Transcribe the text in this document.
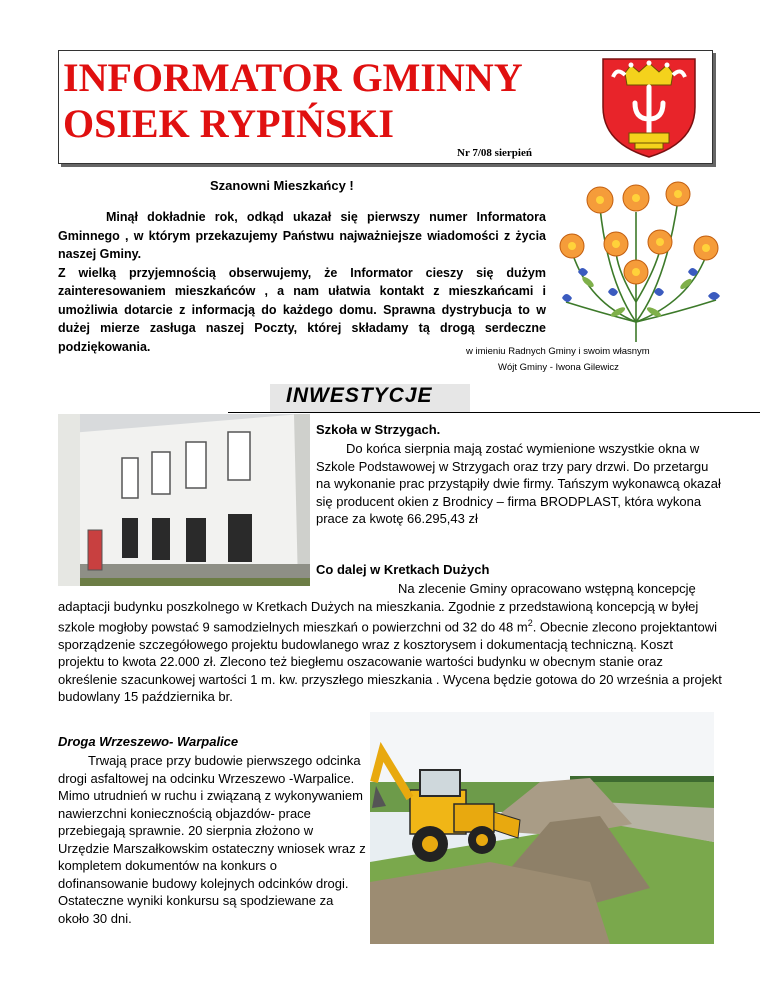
INFORMATOR GMINNY
OSIEK RYPIŃSKI
Nr 7/08 sierpień
Szanowni Mieszkańcy !

Minął dokładnie rok, odkąd ukazał się pierwszy numer Informatora Gminnego , w którym przekazujemy Państwu najważniejsze wiadomości z życia naszej Gminy.

Z wielką przyjemnością obserwujemy, że Informator cieszy się dużym zainteresowaniem mieszkańców , a nam ułatwia kontakt z mieszkańcami i umożliwia dotarcie z informacją do każdego domu. Sprawna dystrybucja to w dużej mierze zasługa naszej Poczty, której składamy tą drogą serdeczne podziękowania.	w imieniu Radnych Gminy i swoim własnym
Wójt Gminy - Iwona Gilewicz
INWESTYCJE
Szkoła w Strzygach.

Do końca sierpnia mają zostać wymienione wszystkie okna w Szkole Podstawowej w Strzygach oraz trzy pary drzwi. Do przetargu na wykonanie prac przystąpiły dwie firmy. Tańszym wykonawcą okazał się producent okien z Brodnicy – firma BRODPLAST, która wykona prace za kwotę 66.295,43 zł

Co dalej w Kretkach Dużych

Na zlecenie Gminy opracowano wstępną koncepcję adaptacji budynku poszkolnego w Kretkach Dużych na mieszkania. Zgodnie z przedstawioną koncepcją w byłej szkole mogłoby powstać 9 samodzielnych mieszkań o powierzchni od 32 do 48 $m^2$. Obecnie zlecono projektantowi sporządzenie szczegółowego projektu budowlanego wraz z kosztorysem i dokumentacją techniczną. Koszt projektu to kwota 22.000 zł. Zlecono też biegłemu oszacowanie wartości budynku w obecnym stanie oraz określenie szacunkowej wartości 1 m. kw. przyszłego mieszkania . Wycena będzie gotowa do 20 września a projekt budowlany 15 października br.

Droga Wrzeszewo- Warpalice

Trwają prace przy budowie pierwszego odcinka drogi asfaltowej na odcinku Wrzeszewo -Warpalice. Mimo utrudnień w ruchu i związaną z wykonywaniem nawierzchni koniecznością objazdów- prace przebiegają sprawnie. 20 sierpnia złożono w Urzędzie Marszałkowskim ostateczny wniosek wraz z kompletem dokumentów na konkurs o dofinansowanie budowy kolejnych odcinków drogi. Ostateczne wyniki konkursu są spodziewane za około 30 dni.
